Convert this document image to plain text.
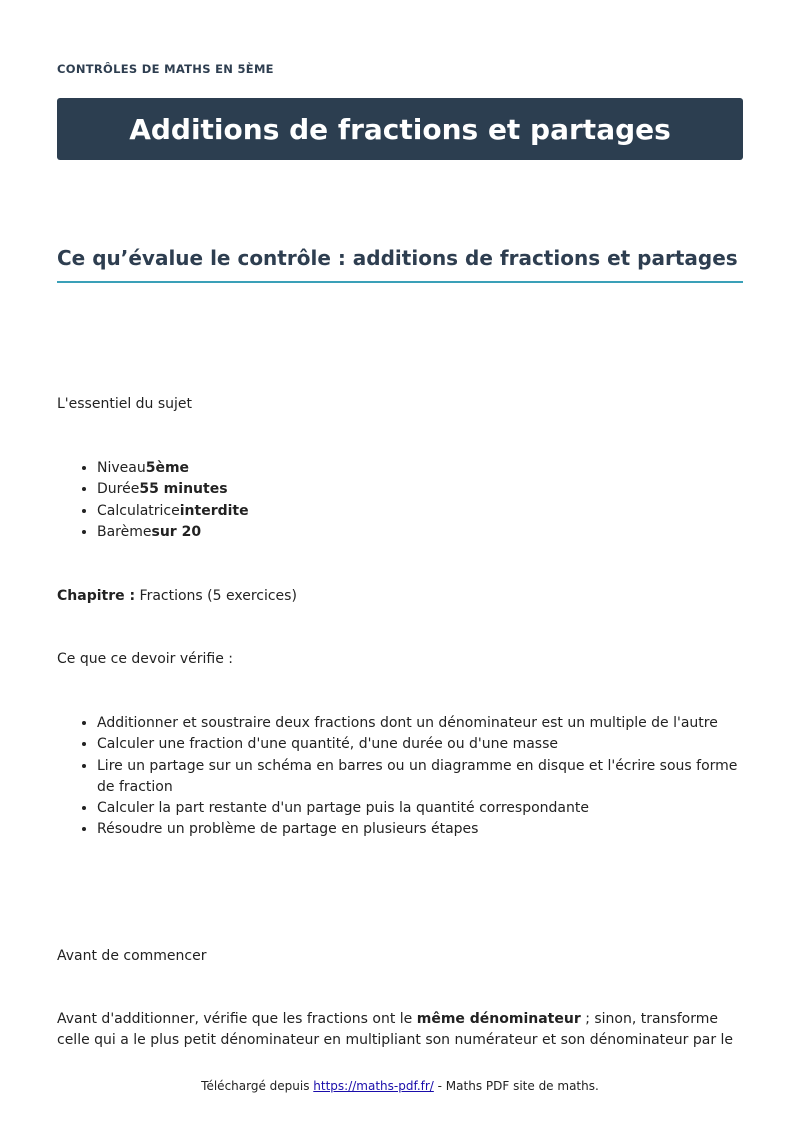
CONTRÔLES DE MATHS EN 5ÈME
Additions de fractions et partages
Ce qu’évalue le contrôle : additions de fractions et partages

L'essentiel du sujet

• Niveau5ème
• Durée55 minutes
• Calculatriceinterdite
• Barèmesur 20

Chapitre : Fractions (5 exercices)

Ce que ce devoir vérifie :

• Additionner et soustraire deux fractions dont un dénominateur est un multiple de l'autre
• Calculer une fraction d'une quantité, d'une durée ou d'une masse
• Lire un partage sur un schéma en barres ou un diagramme en disque et l'écrire sous forme de fraction
• Calculer la part restante d'un partage puis la quantité correspondante
• Résoudre un problème de partage en plusieurs étapes

Avant de commencer

Avant d'additionner, vérifie que les fractions ont le même dénominateur ; sinon, transforme celle qui a le plus petit dénominateur en multipliant son numérateur et son dénominateur par le

Téléchargé depuis https://maths-pdf.fr/ - Maths PDF site de maths.
